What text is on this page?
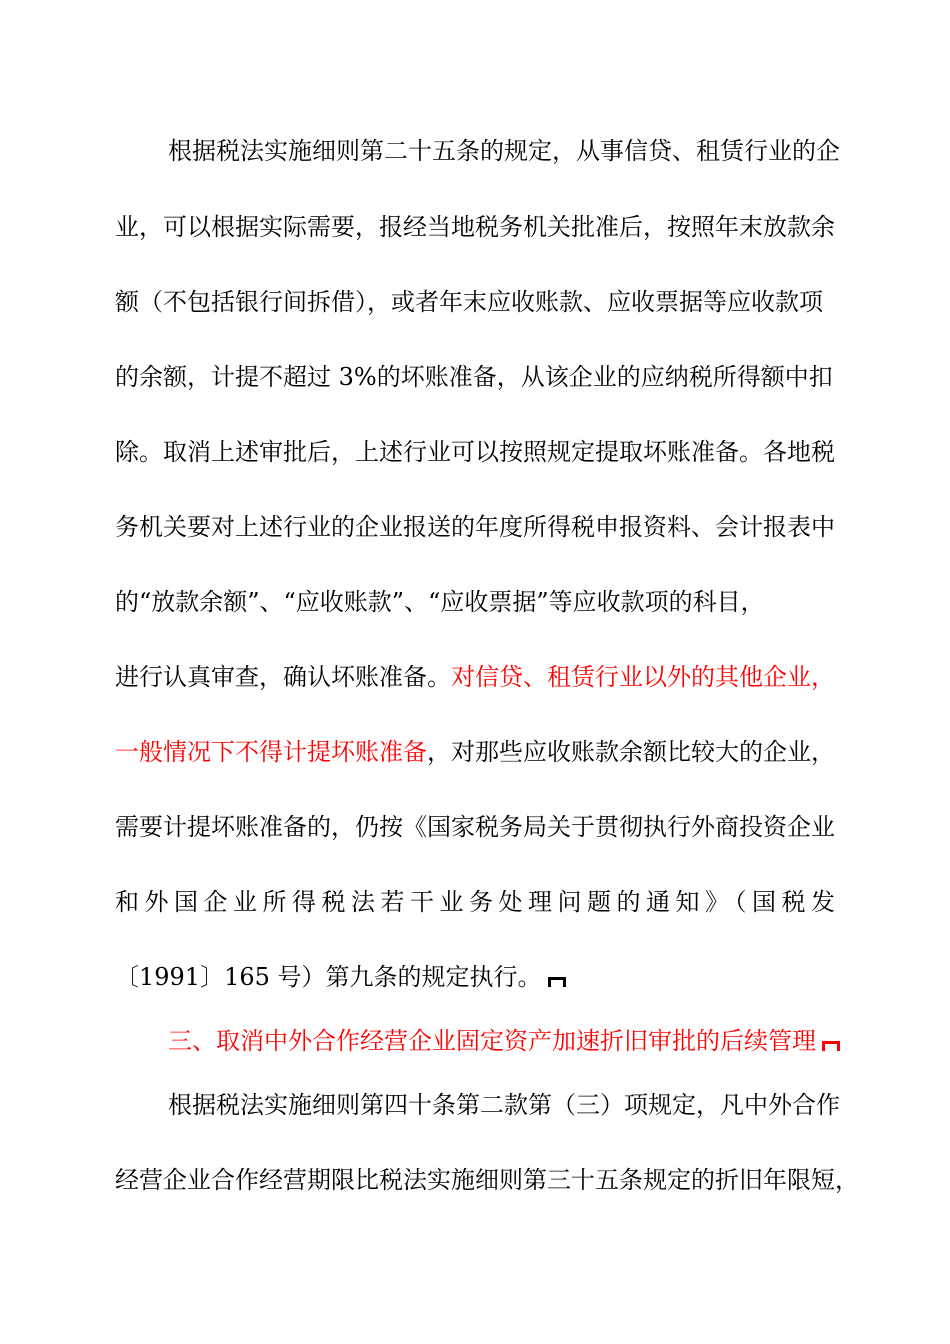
根据税法实施细则第二十五条的规定，从事信贷、租赁行业的企
业，可以根据实际需要，报经当地税务机关批准后，按照年末放款余
额（不包括银行间拆借），或者年末应收账款、应收票据等应收款项
的余额，计提不超过 3%的坏账准备，从该企业的应纳税所得额中扣
除。取消上述审批后，上述行业可以按照规定提取坏账准备。各地税
务机关要对上述行业的企业报送的年度所得税申报资料、会计报表中
的“放款余额”、“应收账款”、“应收票据”等应收款项的科目，
进行认真审查，确认坏账准备。对信贷、租赁行业以外的其他企业，
一般情况下不得计提坏账准备，对那些应收账款余额比较大的企业，
需要计提坏账准备的，仍按《国家税务局关于贯彻执行外商投资企业
和外国企业所得税法若干业务处理问题的通知》（国税发
〔1991〕165 号）第九条的规定执行。
三、取消中外合作经营企业固定资产加速折旧审批的后续管理
根据税法实施细则第四十条第二款第（三）项规定，凡中外合作
经营企业合作经营期限比税法实施细则第三十五条规定的折旧年限短，
